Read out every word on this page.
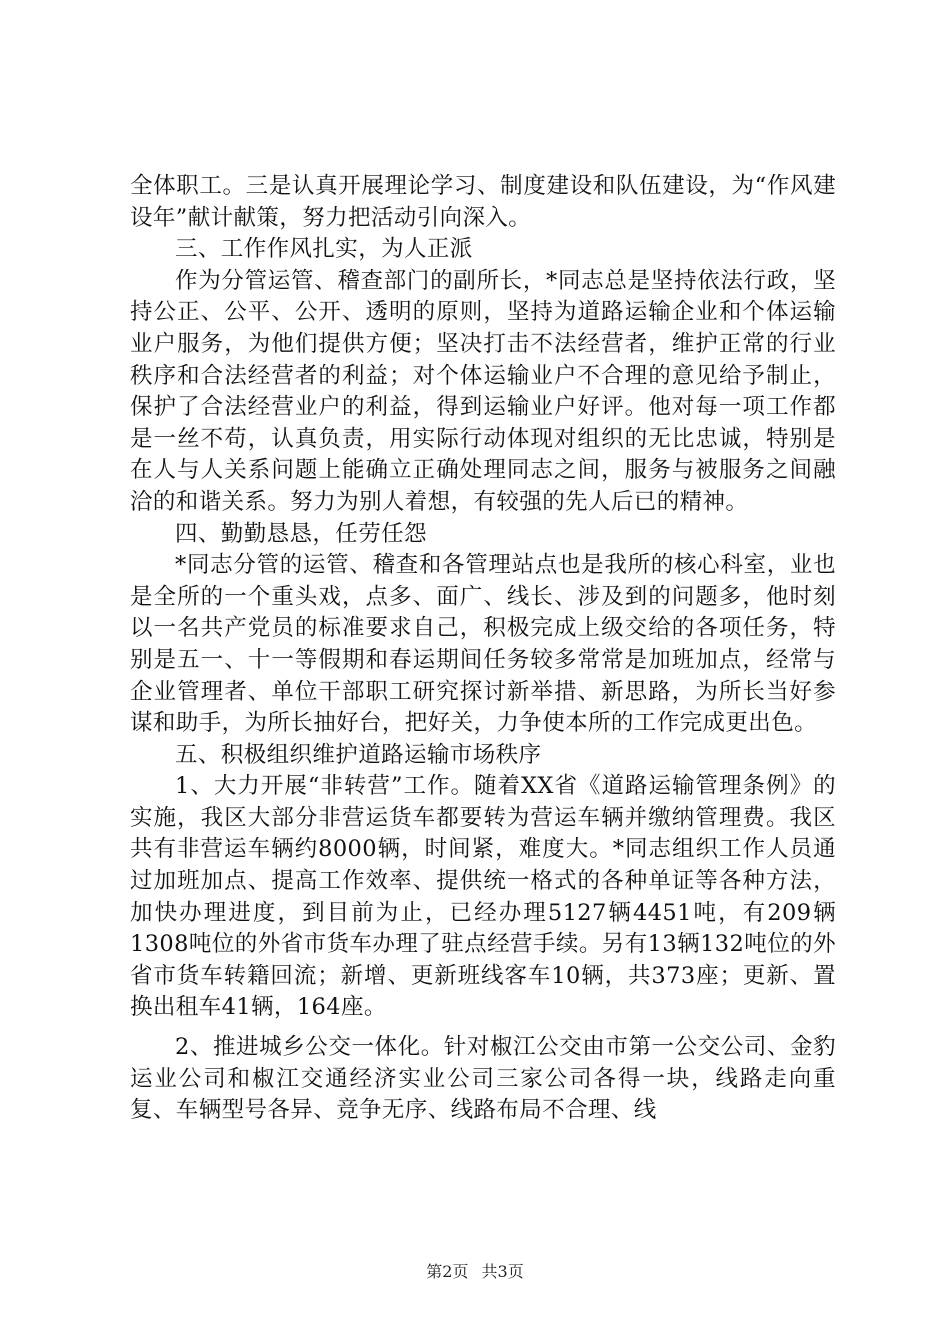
全体职工。三是认真开展理论学习、制度建设和队伍建设，为“作风建设年”献计献策，努力把活动引向深入。

三、工作作风扎实，为人正派

作为分管运管、稽查部门的副所长，*同志总是坚持依法行政，坚持公正、公平、公开、透明的原则，坚持为道路运输企业和个体运输业户服务，为他们提供方便；坚决打击不法经营者，维护正常的行业秩序和合法经营者的利益；对个体运输业户不合理的意见给予制止，保护了合法经营业户的利益，得到运输业户好评。他对每一项工作都是一丝不苟，认真负责，用实际行动体现对组织的无比忠诚，特别是在人与人关系问题上能确立正确处理同志之间，服务与被服务之间融洽的和谐关系。努力为别人着想，有较强的先人后已的精神。

四、勤勤恳恳，任劳任怨

*同志分管的运管、稽查和各管理站点也是我所的核心科室，业也是全所的一个重头戏，点多、面广、线长、涉及到的问题多，他时刻以一名共产党员的标准要求自己，积极完成上级交给的各项任务，特别是五一、十一等假期和春运期间任务较多常常是加班加点，经常与企业管理者、单位干部职工研究探讨新举措、新思路，为所长当好参谋和助手，为所长抽好台，把好关，力争使本所的工作完成更出色。

五、积极组织维护道路运输市场秩序

1、大力开展“非转营”工作。随着XX省《道路运输管理条例》的实施，我区大部分非营运货车都要转为营运车辆并缴纳管理费。我区共有非营运车辆约8000辆，时间紧，难度大。*同志组织工作人员通过加班加点、提高工作效率、提供统一格式的各种单证等各种方法，加快办理进度，到目前为止，已经办理5127辆4451吨，有209辆1308吨位的外省市货车办理了驻点经营手续。另有13辆132吨位的外省市货车转籍回流；新增、更新班线客车10辆，共373座；更新、置换出租车41辆，164座。

2、推进城乡公交一体化。针对椒江公交由市第一公交公司、金豹运业公司和椒江交通经济实业公司三家公司各得一块，线路走向重复、车辆型号各异、竞争无序、线路布局不合理、线

第2页 共3页
